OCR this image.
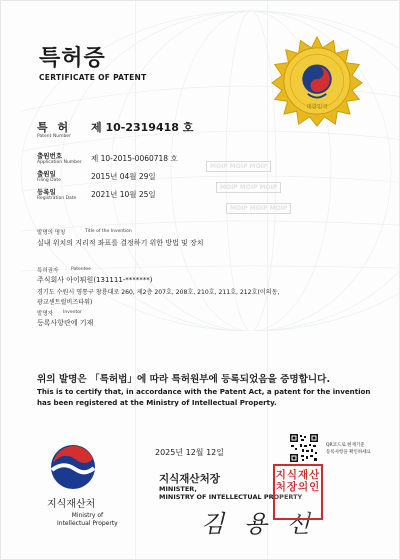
특허증
CERTIFICATE OF PATENT
대한민국
특 허
Patent Number
제 10-2319418 호
MOIP MOIP MOIP
MOIP MOIP MOIP
MOIP MOIP MOIP
출원번호
Application Number 제 10-2015-0060718 호
출원일
Filing Date	2015년 04월 29일
등록일
Registration Date 2021년 10월 25일
발명의 명칭	Title of the Invention
실내 위치의 지리적 좌표를 결정하기 위한 방법 및 장치
특허권자	Patentee
주식회사 아이튀원(131111-*******)
경기도 수원시 영통구 창룡대로 260, 제2층 207호, 208호, 210호, 211호, 212호(이의동,
광교센트럴비즈타워)
발명자 Inventor
등록사항란에 기재
위의 발명은 「특허법」에 따라 특허원부에 등록되었음을 증명합니다.
This is to certify that, in accordance with the Patent Act, a patent for the invention
has been registered at the Ministry of Intellectual Property.
2025년 12월 12일
QR코드로 현재기준
등록사항을 확인하세요
지식재산처
Ministry of
Intellectual Property
지식재산처장
MINISTER,
MINISTRY OF INTELLECTUAL PROPERTY
김 용 선
지식재산
처장의인
